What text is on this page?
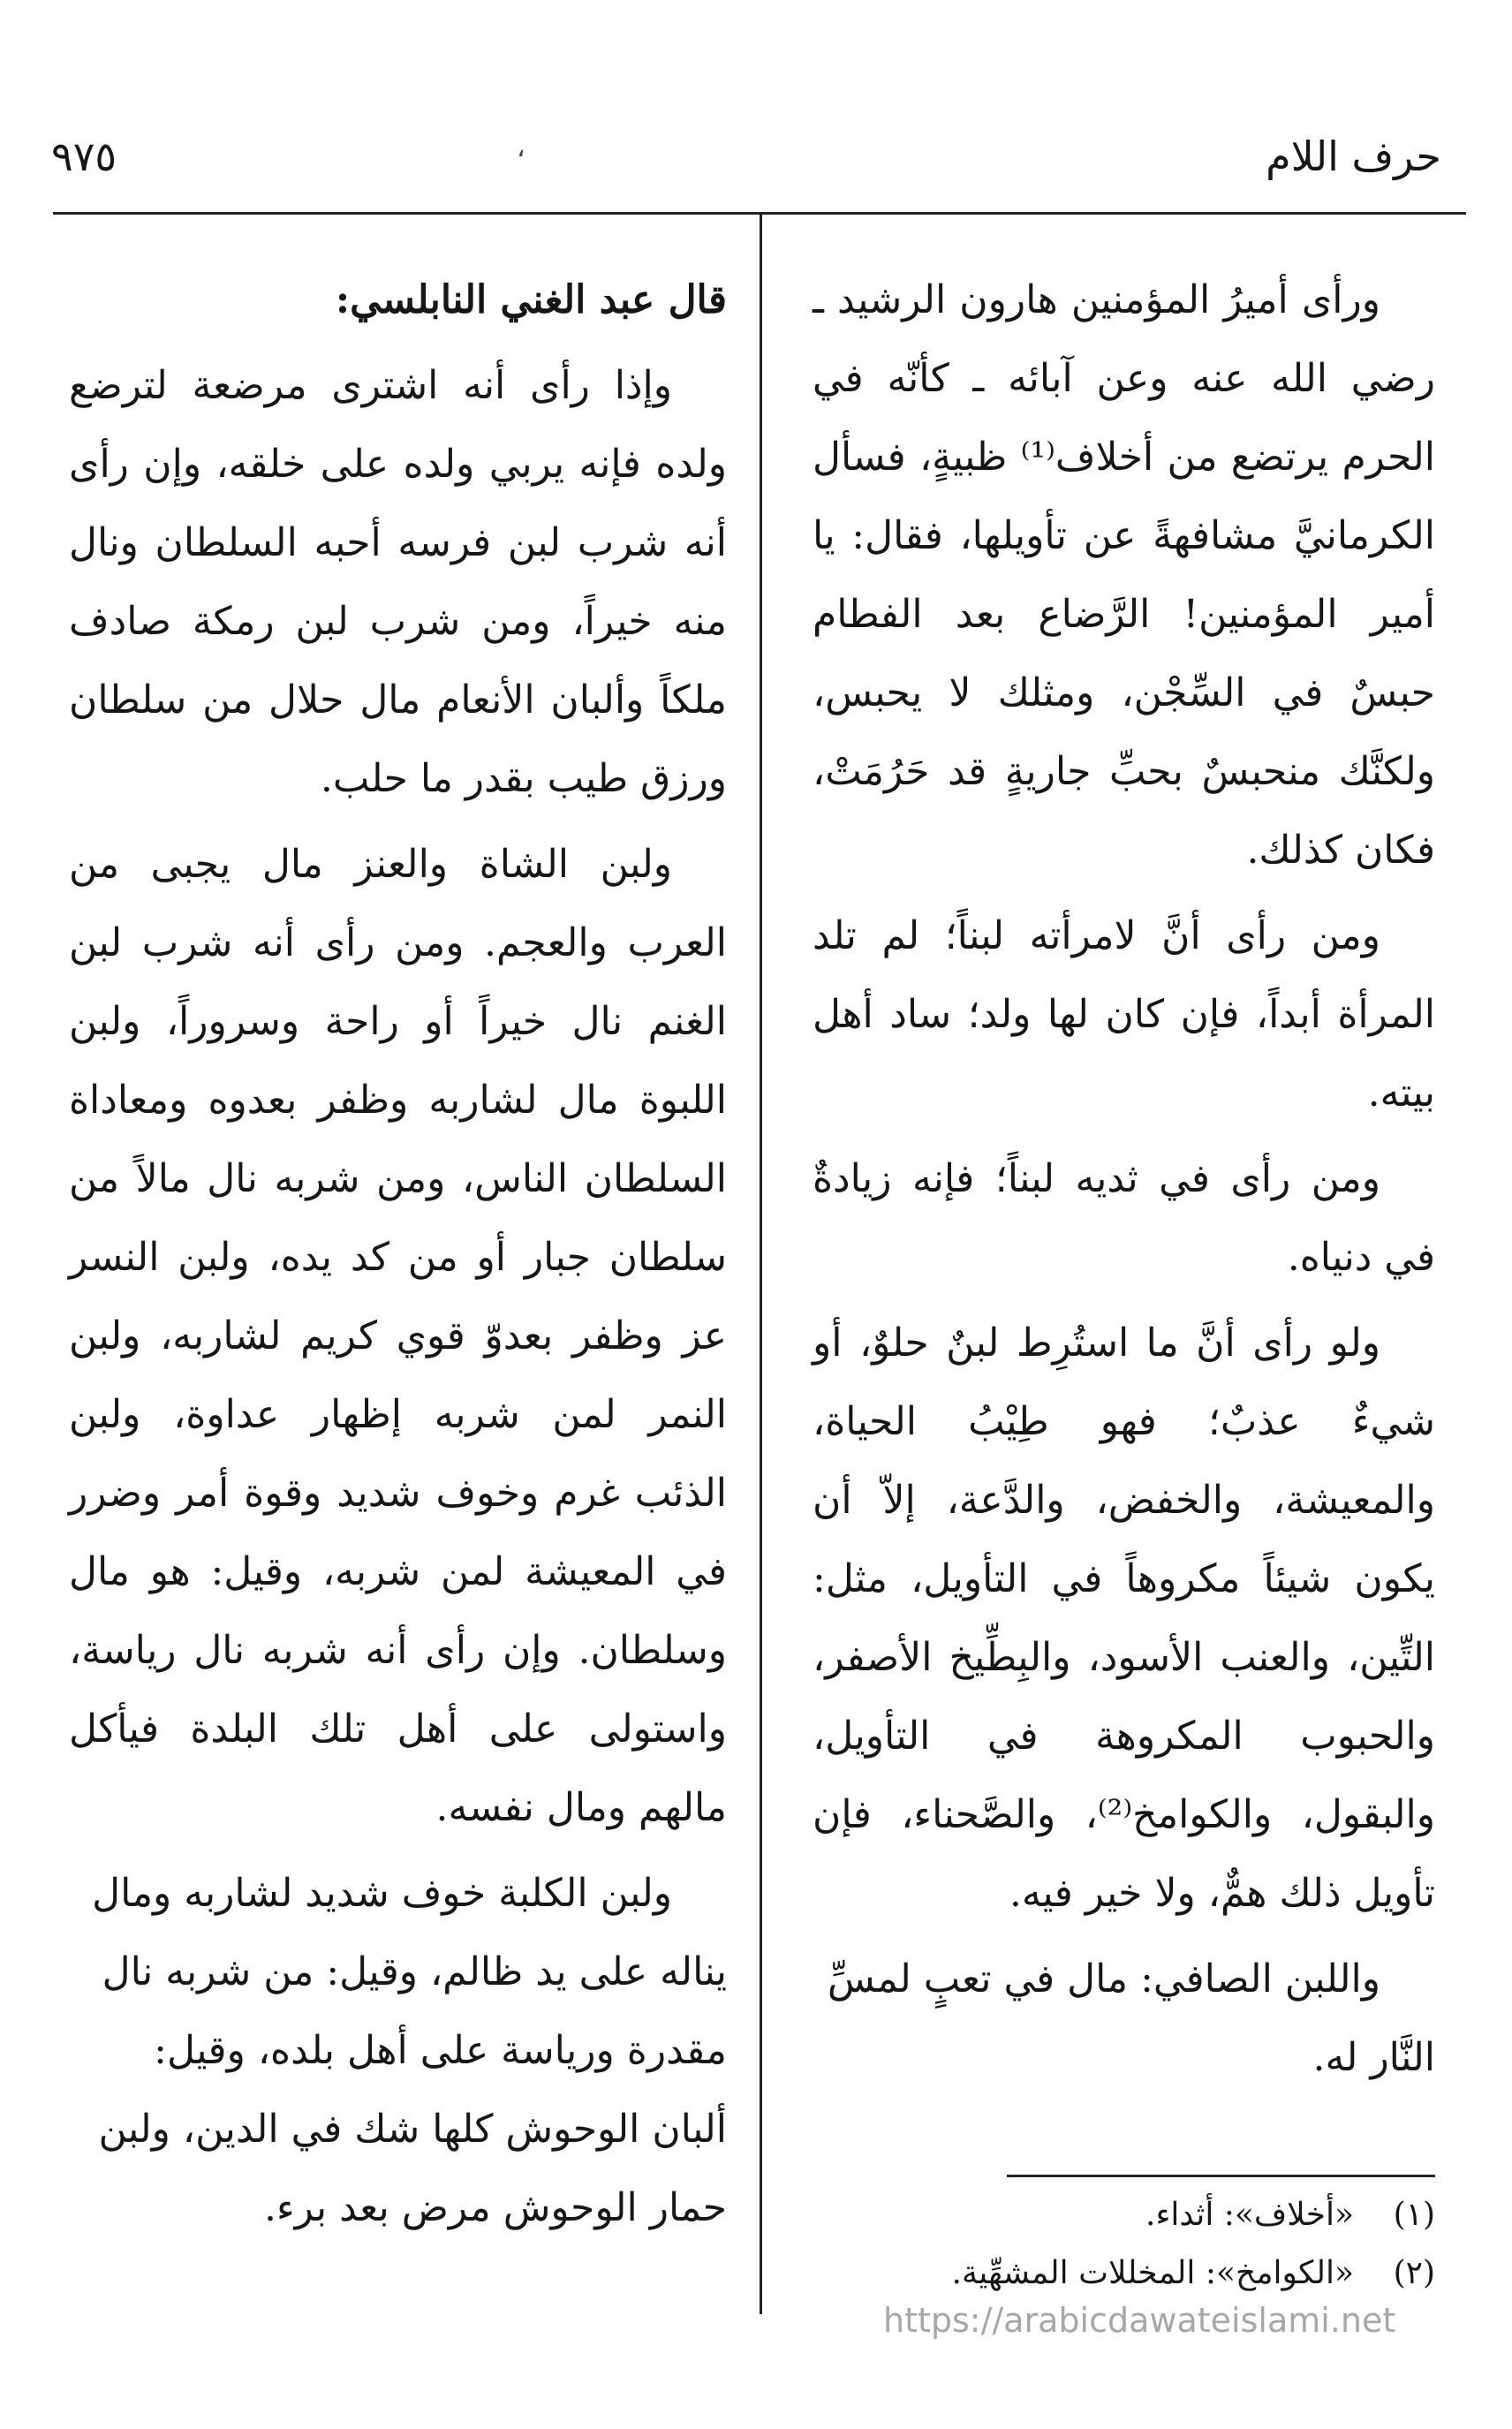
حرف اللام
،
٩٧٥

ورأى أميرُ المؤمنين هارون الرشيد ـ رضي الله عنه وعن آبائه ـ كأنّه في الحرم يرتضع من أخلاف⁽¹⁾ ظبيةٍ، فسأل الكرمانيَّ مشافهةً عن تأويلها، فقال: يا أمير المؤمنين! الرَّضاع بعد الفطام حبسٌ في السِّجْن، ومثلك لا يحبس، ولكنَّك منحبسٌ بحبِّ جاريةٍ قد حَرُمَتْ، فكان كذلك.

ومن رأى أنَّ لامرأته لبناً؛ لم تلد المرأة أبداً، فإن كان لها ولد؛ ساد أهل بيته.

ومن رأى في ثديه لبناً؛ فإنه زيادةٌ في دنياه.

ولو رأى أنَّ ما استُرِط لبنٌ حلوٌ، أو شيءٌ عذبٌ؛ فهو طِيْبُ الحياة، والمعيشة، والخفض، والدَّعة، إلاّ أن يكون شيئاً مكروهاً في التأويل، مثل: التِّين، والعنب الأسود، والبِطِّيخ الأصفر، والحبوب المكروهة في التأويل، والبقول، والكوامخ⁽²⁾، والصَّحناء، فإن تأويل ذلك همٌّ، ولا خير فيه.

واللبن الصافي: مال في تعبٍ لمسِّ النَّار له.

قال عبد الغني النابلسي:

وإذا رأى أنه اشترى مرضعة لترضع ولده فإنه يربي ولده على خلقه، وإن رأى أنه شرب لبن فرسه أحبه السلطان ونال منه خيراً، ومن شرب لبن رمكة صادف ملكاً وألبان الأنعام مال حلال من سلطان ورزق طيب بقدر ما حلب.

ولبن الشاة والعنز مال يجبى من العرب والعجم. ومن رأى أنه شرب لبن الغنم نال خيراً أو راحة وسروراً، ولبن اللبوة مال لشاربه وظفر بعدوه ومعاداة السلطان الناس، ومن شربه نال مالاً من سلطان جبار أو من كد يده، ولبن النسر عز وظفر بعدوّ قوي كريم لشاربه، ولبن النمر لمن شربه إظهار عداوة، ولبن الذئب غرم وخوف شديد وقوة أمر وضرر في المعيشة لمن شربه، وقيل: هو مال وسلطان. وإن رأى أنه شربه نال رياسة، واستولى على أهل تلك البلدة فيأكل مالهم ومال نفسه.

ولبن الكلبة خوف شديد لشاربه ومال يناله على يد ظالم، وقيل: من شربه نال مقدرة ورياسة على أهل بلده، وقيل: ألبان الوحوش كلها شك في الدين، ولبن حمار الوحوش مرض بعد برء.	(١)
«أخلاف»: أثداء.
(٢)
«الكوامخ»: المخللات المشهِّية.
https://arabicdawateislami.net
